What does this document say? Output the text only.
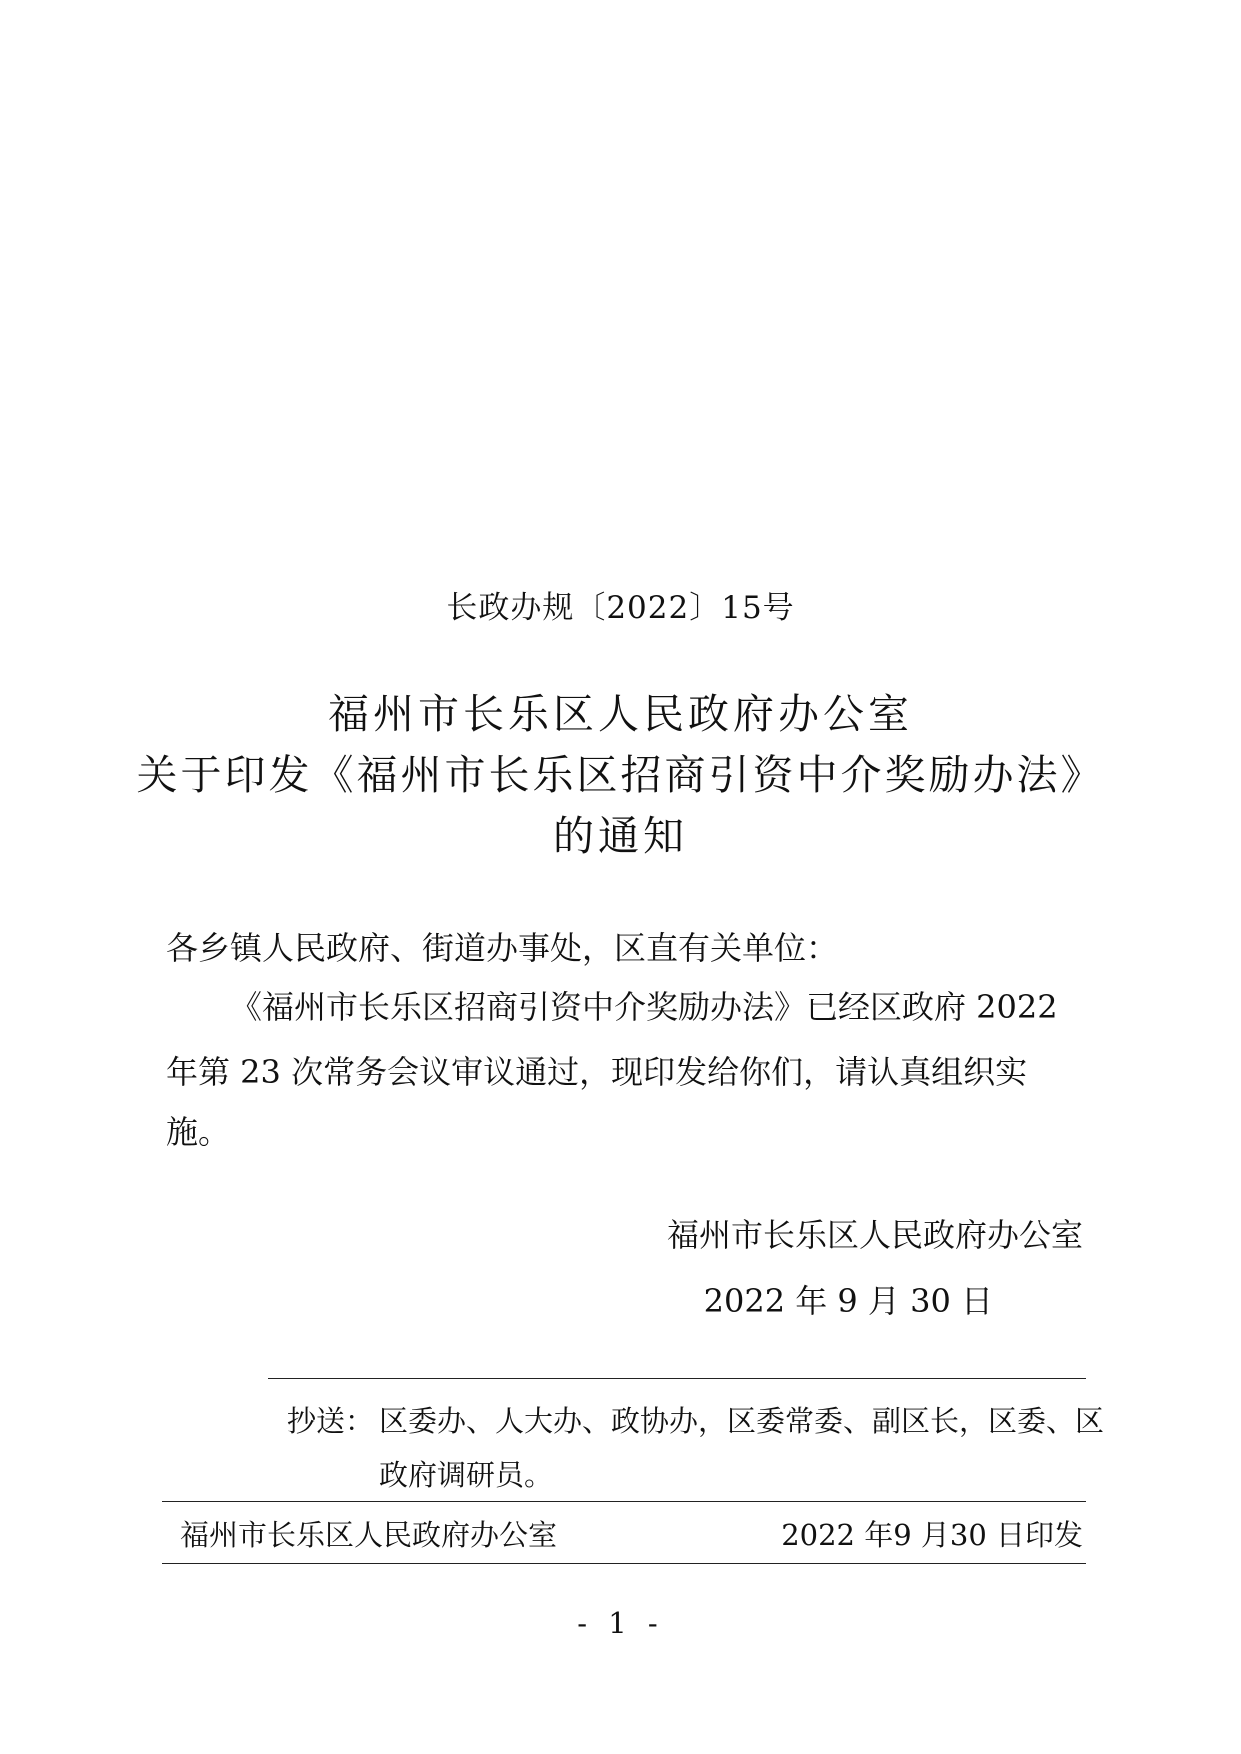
长政办规〔2022〕15号
福州市长乐区人民政府办公室
关于印发《福州市长乐区招商引资中介奖励办法》
的通知
各乡镇人民政府、街道办事处，区直有关单位：
《福州市长乐区招商引资中介奖励办法》已经区政府 2022
年第 23 次常务会议审议通过，现印发给你们，请认真组织实施。
福州市长乐区人民政府办公室
2022 年 9 月 30 日
抄送： 区委办、人大办、政协办，区委常委、副区长，区委、区政府调研员。
福州市长乐区人民政府办公室	2022 年9 月30 日印发
- 1 -
